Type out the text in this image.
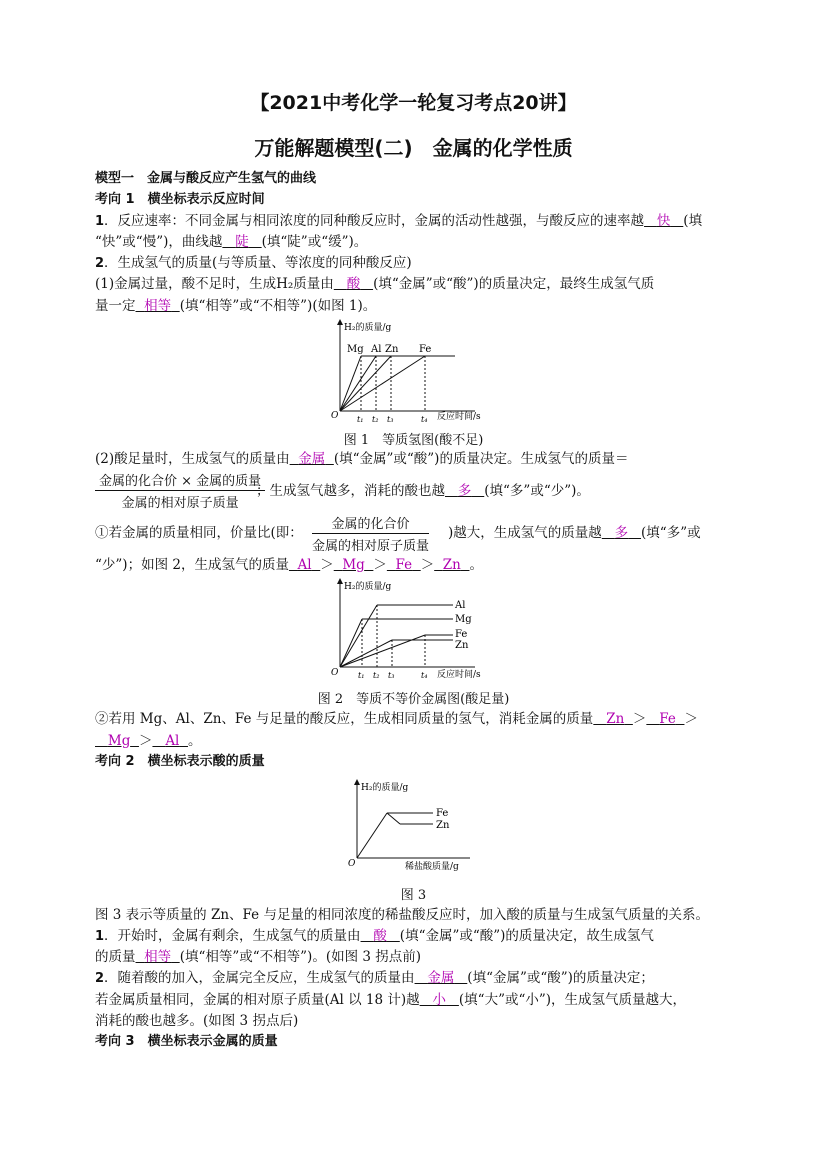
【2021中考化学一轮复习考点20讲】
万能解题模型(二)　金属的化学性质
模型一　金属与酸反应产生氢气的曲线
考向 1　横坐标表示反应时间
1．反应速率：不同金属与相同浓度的同种酸反应时，金属的活动性越强，与酸反应的速率越 快 (填
“快”或“慢”)，曲线越 陡 (填“陡”或“缓”)。
2．生成氢气的质量(与等质量、等浓度的同种酸反应)
(1)金属过量，酸不足时，生成H₂质量由 酸 (填“金属”或“酸”)的质量决定，最终生成氢气质
量一定 相等 (填“相等”或“不相等”)(如图 1)。
H₂的质量/g
O
Mg Al Zn Fe
t₁ t₂ t₃	t₄ 反应时间/s
图 1　等质氢图(酸不足)
(2)酸足量时，生成氢气的质量由 金属 (填“金属”或“酸”)的质量决定。生成氢气的质量＝
金属的化合价 × 金属的质量
金属的相对原子质量
；生成氢气越多，消耗的酸也越 多 (填“多”或“少”)。
①若金属的质量相同，价量比(即：
金属的化合价
金属的相对原子质量
)越大，生成氢气的质量越 多 (填“多”或
“少”)；如图 2，生成氢气的质量 Al ＞ Mg ＞ Fe ＞ Zn 。
H₂的质量/g
O
Al
Mg
Fe
Zn
t₁ t₂ t₃	t₄ 反应时间/s
图 2　等质不等价金属图(酸足量)
②若用 Mg、Al、Zn、Fe 与足量的酸反应，生成相同质量的氢气，消耗金属的质量 Zn ＞ Fe ＞
Mg ＞ Al 。
考向 2　横坐标表示酸的质量
H₂的质量/g
O
Fe
Zn
稀盐酸质量/g
图 3
图 3 表示等质量的 Zn、Fe 与足量的相同浓度的稀盐酸反应时，加入酸的质量与生成氢气质量的关系。
1．开始时，金属有剩余，生成氢气的质量由 酸 (填“金属”或“酸”)的质量决定，故生成氢气
的质量 相等 (填“相等”或“不相等”)。(如图 3 拐点前)
2．随着酸的加入，金属完全反应，生成氢气的质量由 金属 (填“金属”或“酸”)的质量决定；
若金属质量相同，金属的相对原子质量(Al 以 18 计)越 小 (填“大”或“小”)，生成氢气质量越大，
消耗的酸也越多。(如图 3 拐点后)
考向 3　横坐标表示金属的质量
